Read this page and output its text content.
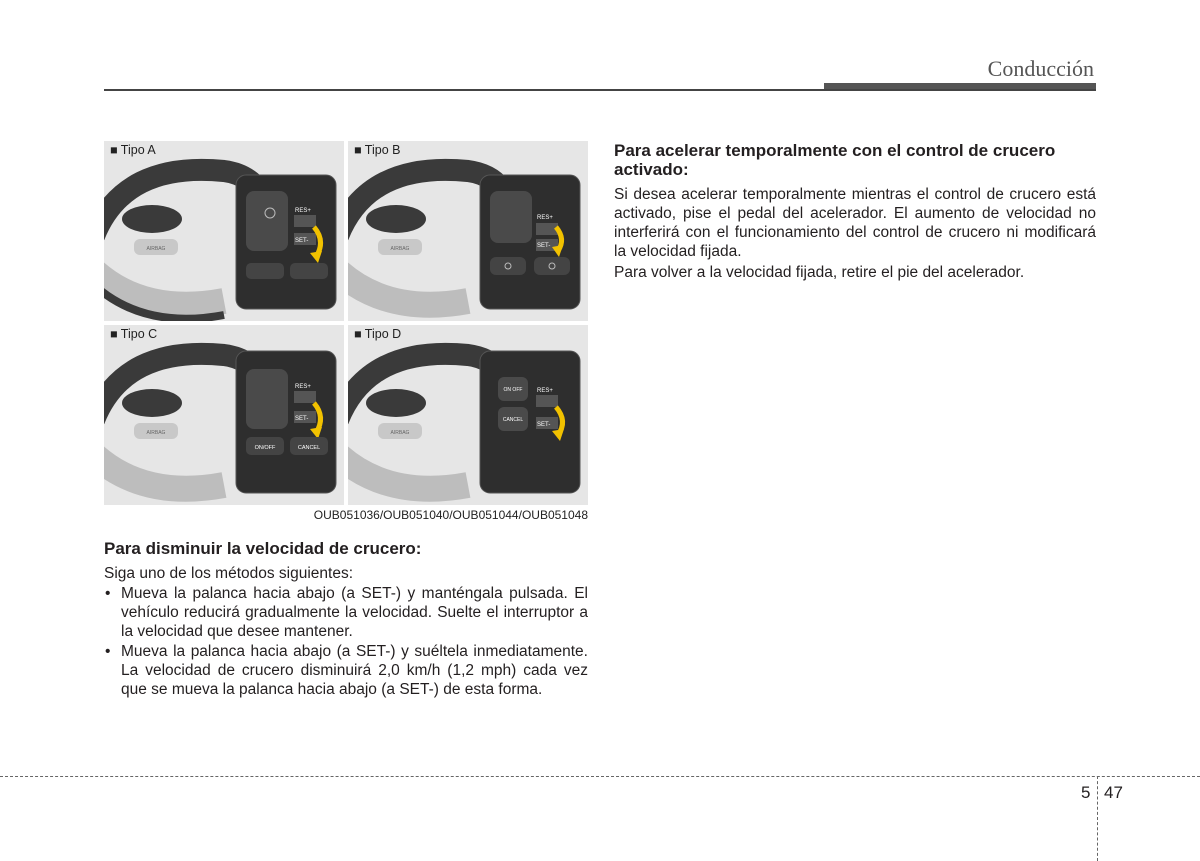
Conducción
■ Tipo A
AIRBAG
RES+
SET-
■ Tipo B
AIRBAG
RES+
SET-
■ Tipo C
AIRBAG
RES+
SET-
ON/OFF	CANCEL
■ Tipo D
AIRBAG
ON OFF
CANCEL
RES+
SET-
OUB051036/OUB051040/OUB051044/OUB051048
Para disminuir la velocidad de crucero:
Siga uno de los métodos siguientes:
• Mueva la palanca hacia abajo (a SET-) y manténgala pulsada. El vehículo reducirá gradualmente la velocidad. Suelte el interruptor a la velocidad que desee mantener.
• Mueva la palanca hacia abajo (a SET-) y suéltela inmediatamente. La velocidad de crucero disminuirá 2,0 km/h (1,2 mph) cada vez que se mueva la palanca hacia abajo (a SET-) de esta forma.
Para acelerar temporalmente con el control de crucero activado:
Si desea acelerar temporalmente mientras el control de crucero está activado, pise el pedal del acelerador. El aumento de velocidad no interferirá con el funcionamiento del control de crucero ni modificará la velocidad fijada.
Para volver a la velocidad fijada, retire el pie del acelerador.
5 47
